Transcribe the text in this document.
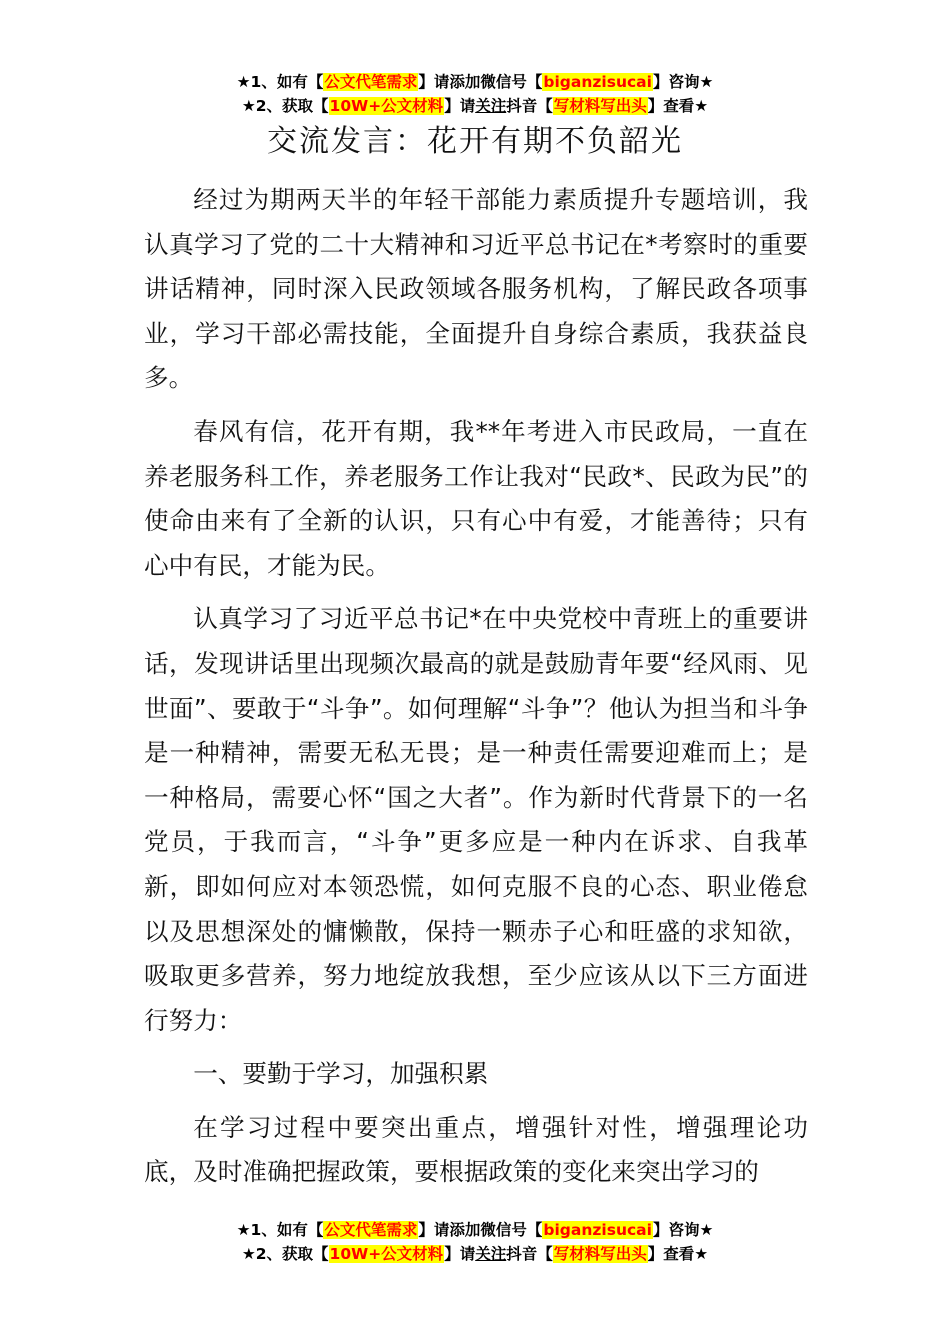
★1、如有【公文代笔需求】请添加微信号【biganzisucai】咨询★
★2、获取【10W+公文材料】请关注抖音【写材料写出头】查看★
交流发言：花开有期不负韶光

经过为期两天半的年轻干部能力素质提升专题培训，我认真学习了党的二十大精神和习近平总书记在*考察时的重要讲话精神，同时深入民政领域各服务机构，了解民政各项事业，学习干部必需技能，全面提升自身综合素质，我获益良多。

春风有信，花开有期，我**年考进入市民政局，一直在养老服务科工作，养老服务工作让我对“民政*、民政为民”的使命由来有了全新的认识，只有心中有爱，才能善待；只有心中有民，才能为民。

认真学习了习近平总书记*在中央党校中青班上的重要讲话，发现讲话里出现频次最高的就是鼓励青年要“经风雨、见世面”、要敢于“斗争”。如何理解“斗争”？他认为担当和斗争是一种精神，需要无私无畏；是一种责任需要迎难而上；是一种格局，需要心怀“国之大者”。作为新时代背景下的一名党员，于我而言，“斗争”更多应是一种内在诉求、自我革新，即如何应对本领恐慌，如何克服不良的心态、职业倦怠以及思想深处的慵懒散，保持一颗赤子心和旺盛的求知欲，吸取更多营养，努力地绽放我想，至少应该从以下三方面进行努力：

一、要勤于学习，加强积累

在学习过程中要突出重点，增强针对性，增强理论功底，及时准确把握政策，要根据政策的变化来突出学习的

★1、如有【公文代笔需求】请添加微信号【biganzisucai】咨询★
★2、获取【10W+公文材料】请关注抖音【写材料写出头】查看★
